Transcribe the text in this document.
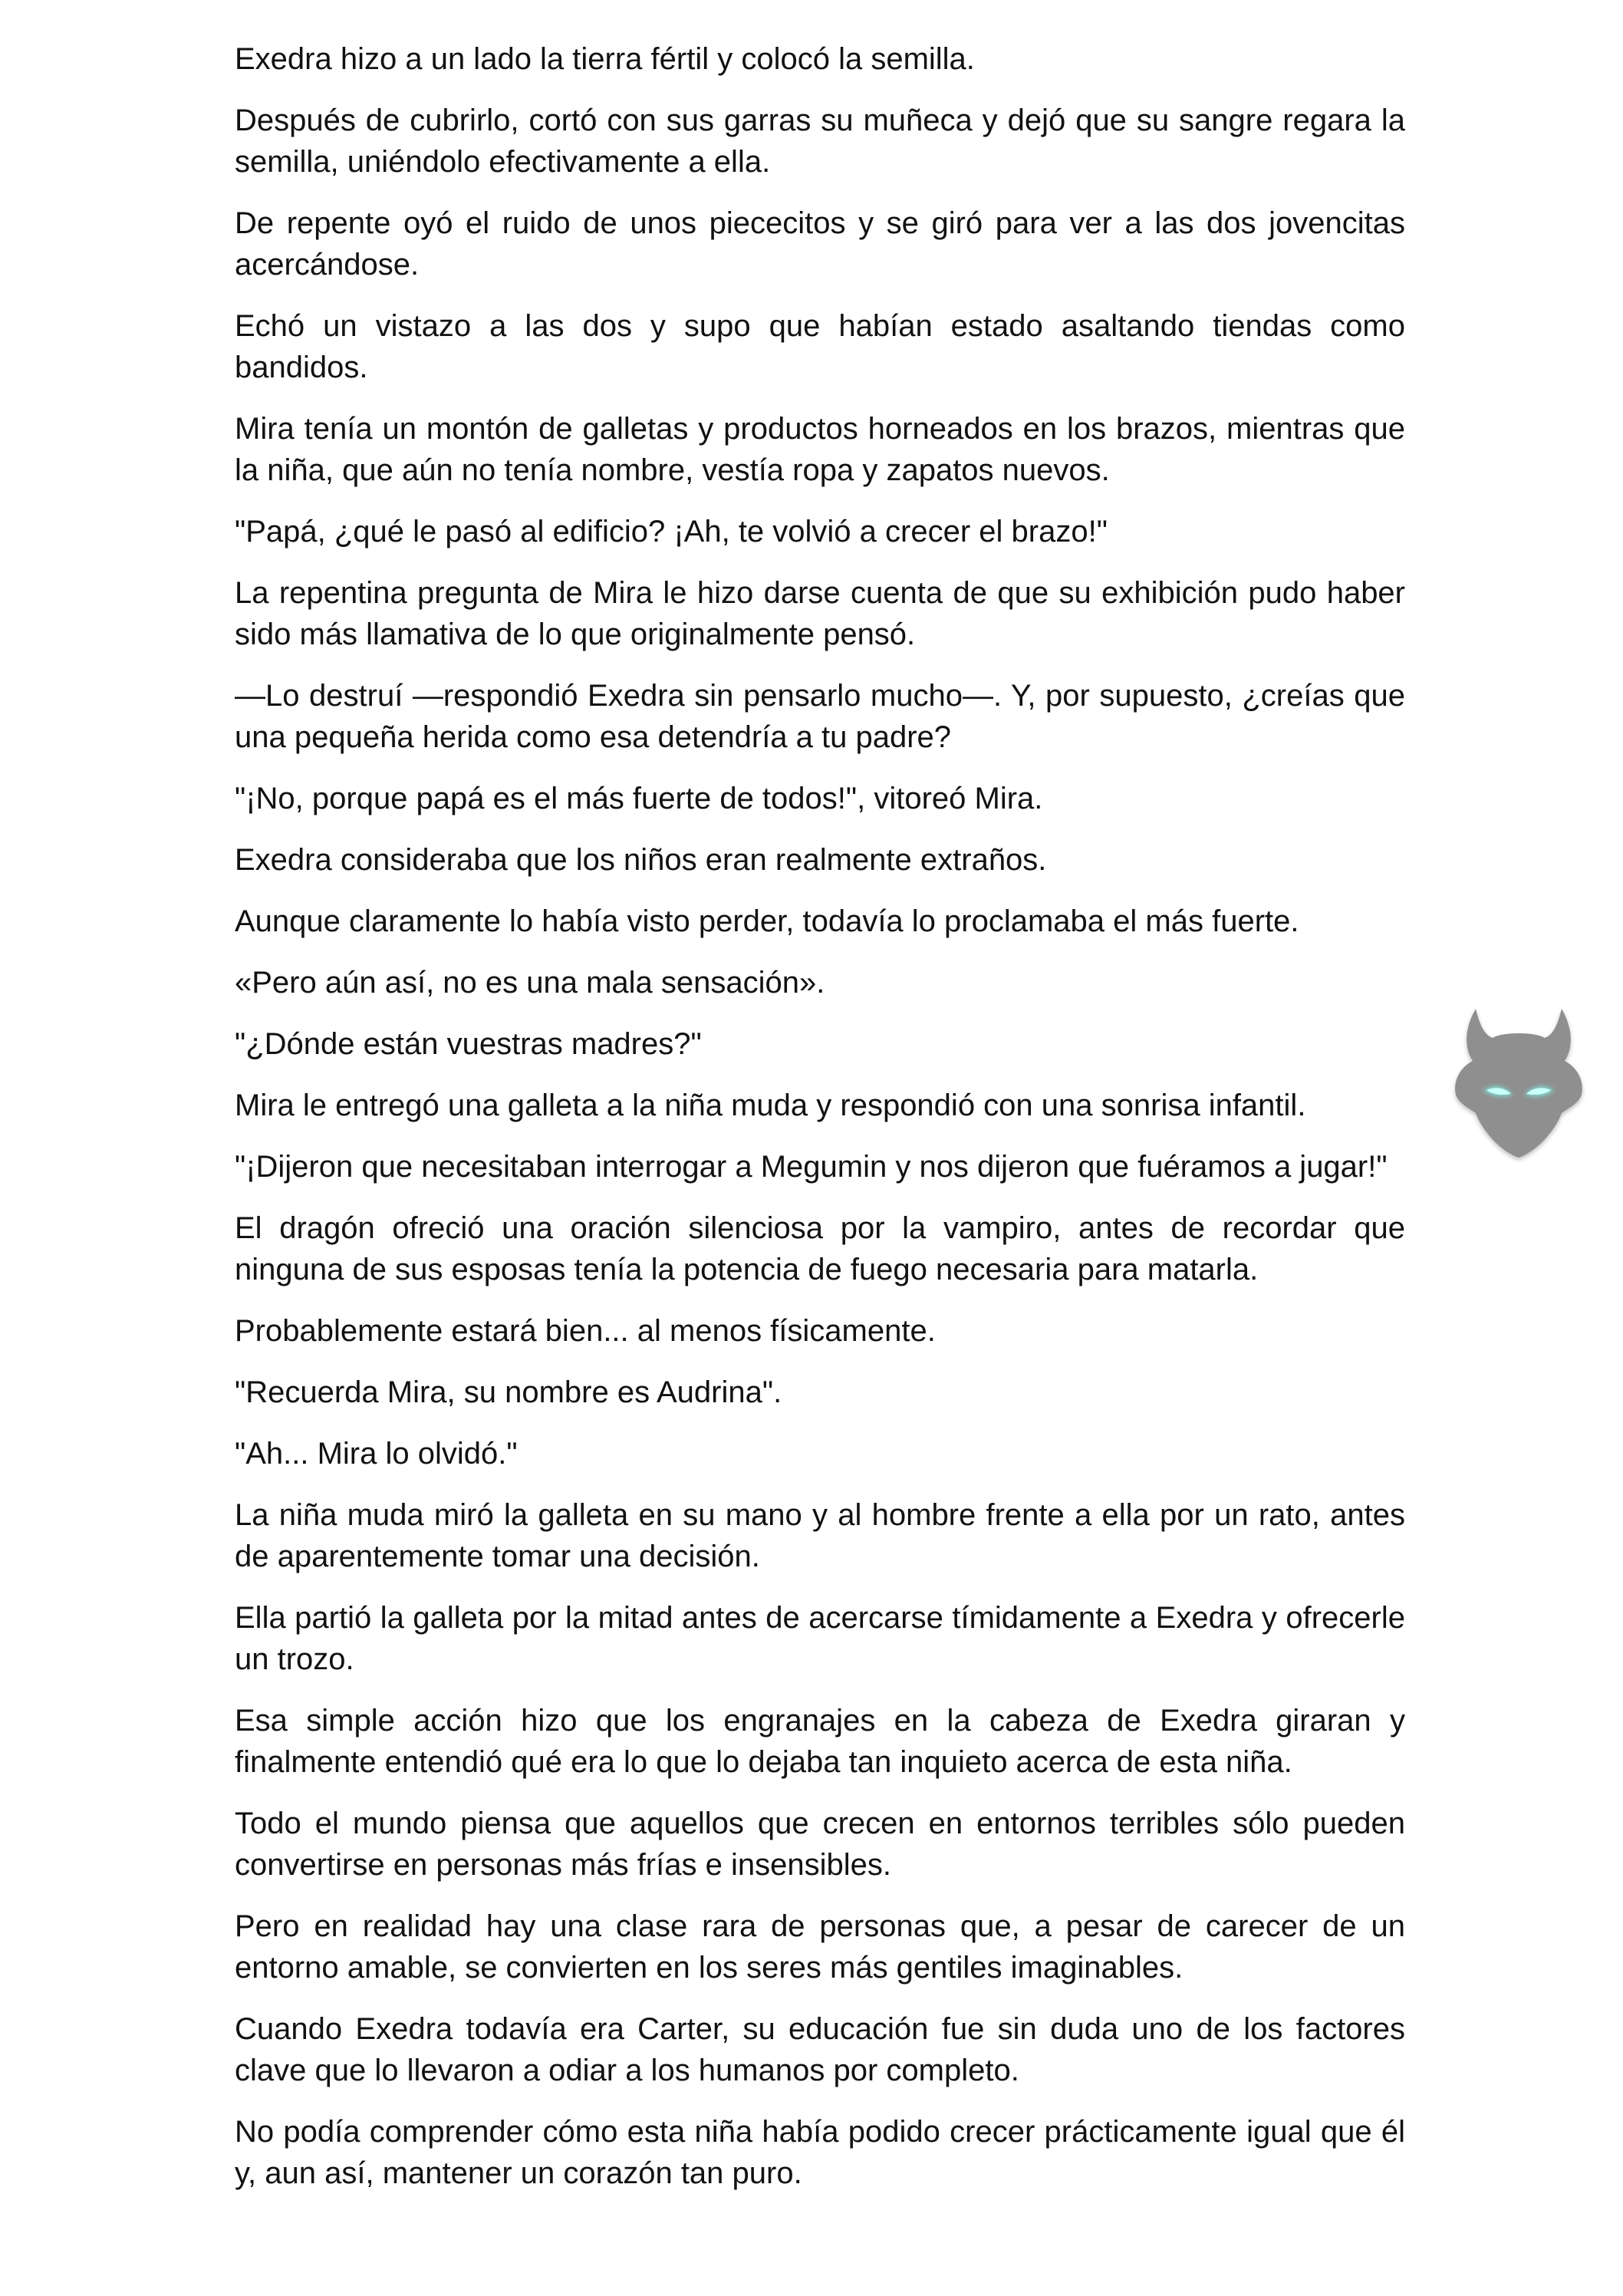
Exedra hizo a un lado la tierra fértil y colocó la semilla.

Después de cubrirlo, cortó con sus garras su muñeca y dejó que su sangre regara la semilla, uniéndolo efectivamente a ella.

De repente oyó el ruido de unos piececitos y se giró para ver a las dos jovencitas acercándose.

Echó un vistazo a las dos y supo que habían estado asaltando tiendas como bandidos.

Mira tenía un montón de galletas y productos horneados en los brazos, mientras que la niña, que aún no tenía nombre, vestía ropa y zapatos nuevos.

"Papá, ¿qué le pasó al edificio? ¡Ah, te volvió a crecer el brazo!"

La repentina pregunta de Mira le hizo darse cuenta de que su exhibición pudo haber sido más llamativa de lo que originalmente pensó.

—Lo destruí —respondió Exedra sin pensarlo mucho—. Y, por supuesto, ¿creías que una pequeña herida como esa detendría a tu padre?

"¡No, porque papá es el más fuerte de todos!", vitoreó Mira.

Exedra consideraba que los niños eran realmente extraños.

Aunque claramente lo había visto perder, todavía lo proclamaba el más fuerte.

«Pero aún así, no es una mala sensación».

"¿Dónde están vuestras madres?"

Mira le entregó una galleta a la niña muda y respondió con una sonrisa infantil.

"¡Dijeron que necesitaban interrogar a Megumin y nos dijeron que fuéramos a jugar!"

El dragón ofreció una oración silenciosa por la vampiro, antes de recordar que ninguna de sus esposas tenía la potencia de fuego necesaria para matarla.

Probablemente estará bien... al menos físicamente.

"Recuerda Mira, su nombre es Audrina".

"Ah... Mira lo olvidó."

La niña muda miró la galleta en su mano y al hombre frente a ella por un rato, antes de aparentemente tomar una decisión.

Ella partió la galleta por la mitad antes de acercarse tímidamente a Exedra y ofrecerle un trozo.

Esa simple acción hizo que los engranajes en la cabeza de Exedra giraran y finalmente entendió qué era lo que lo dejaba tan inquieto acerca de esta niña.

Todo el mundo piensa que aquellos que crecen en entornos terribles sólo pueden convertirse en personas más frías e insensibles.

Pero en realidad hay una clase rara de personas que, a pesar de carecer de un entorno amable, se convierten en los seres más gentiles imaginables.

Cuando Exedra todavía era Carter, su educación fue sin duda uno de los factores clave que lo llevaron a odiar a los humanos por completo.

No podía comprender cómo esta niña había podido crecer prácticamente igual que él y, aun así, mantener un corazón tan puro.
